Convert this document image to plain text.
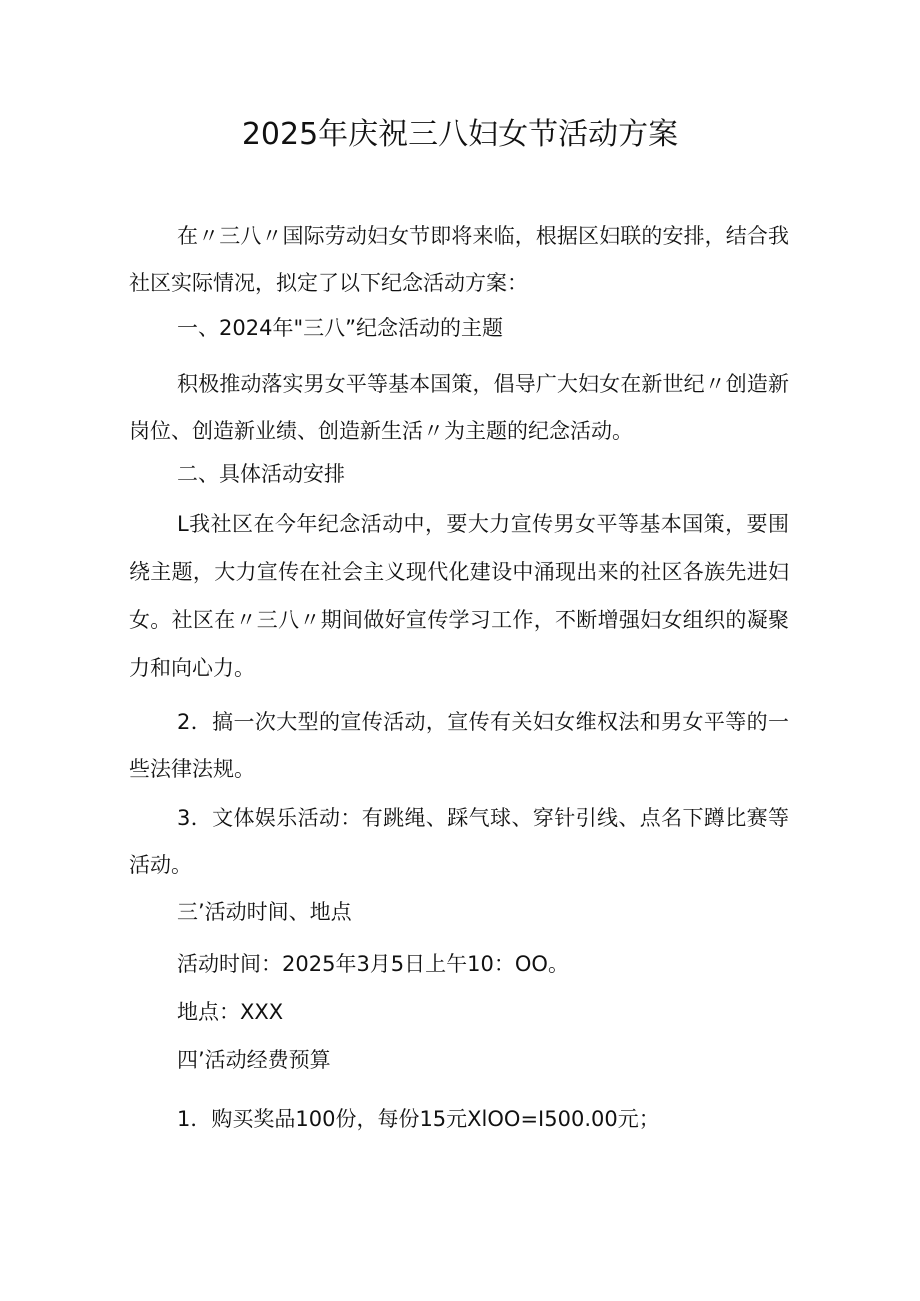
2025年庆祝三八妇女节活动方案

在〃三八〃国际劳动妇女节即将来临，根据区妇联的安排，结合我社区实际情况，拟定了以下纪念活动方案：

一、2024年"三八”纪念活动的主题

积极推动落实男女平等基本国策，倡导广大妇女在新世纪〃创造新岗位、创造新业绩、创造新生活〃为主题的纪念活动。

二、具体活动安排

L我社区在今年纪念活动中，要大力宣传男女平等基本国策，要围绕主题，大力宣传在社会主义现代化建设中涌现出来的社区各族先进妇女。社区在〃三八〃期间做好宣传学习工作，不断增强妇女组织的凝聚力和向心力。

2．搞一次大型的宣传活动，宣传有关妇女维权法和男女平等的一些法律法规。

3．文体娱乐活动：有跳绳、踩气球、穿针引线、点名下蹲比赛等活动。

三’活动时间、地点

活动时间：2025年3月5日上午10：OO。

地点：XXX

四’活动经费预算

1．购买奖品100份，每份15元XlOO=I500.00元；
